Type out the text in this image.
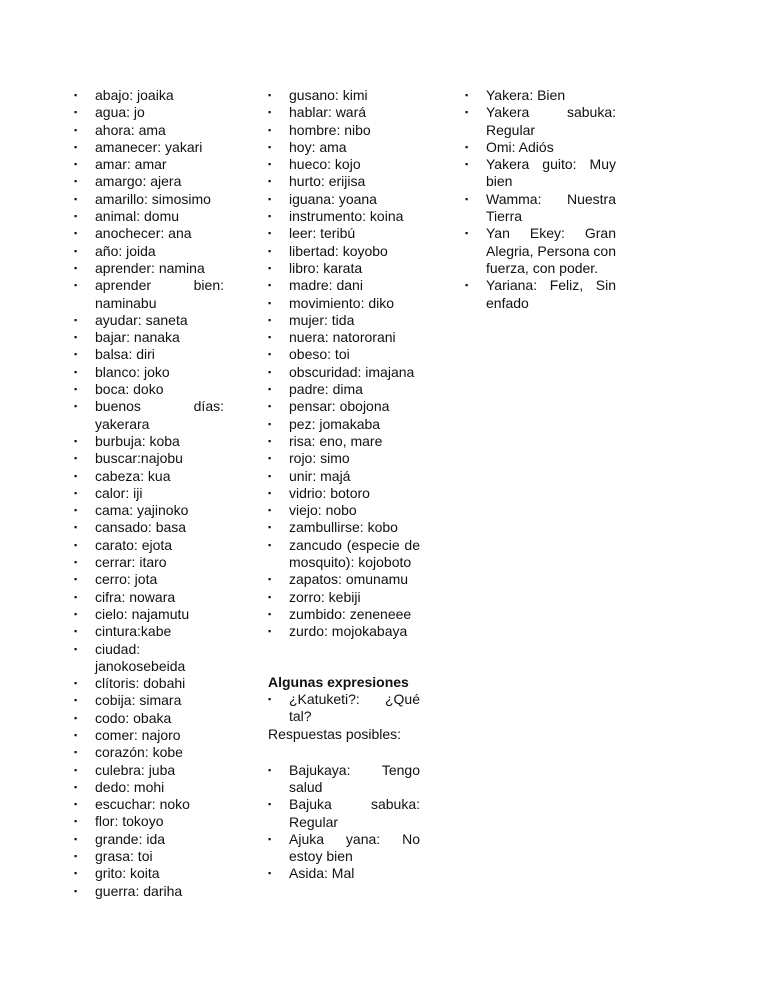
▪ abajo: joaika
▪ agua: jo
▪ ahora: ama
▪ amanecer: yakari
▪ amar: amar
▪ amargo: ajera
▪ amarillo: simosimo
▪ animal: domu
▪ anochecer: ana
▪ año: joida
▪ aprender: namina
▪ aprender bien: naminabu
▪ ayudar: saneta
▪ bajar: nanaka
▪ balsa: diri
▪ blanco: joko
▪ boca: doko
▪ buenos días: yakerara
▪ burbuja: koba
▪ buscar:najobu
▪ cabeza: kua
▪ calor: iji
▪ cama: yajinoko
▪ cansado: basa
▪ carato: ejota
▪ cerrar: itaro
▪ cerro: jota
▪ cifra: nowara
▪ cielo: najamutu
▪ cintura:kabe
▪ ciudad: janokosebeida
▪ clítoris: dobahi
▪ cobija: simara
▪ codo: obaka
▪ comer: najoro
▪ corazón: kobe
▪ culebra: juba
▪ dedo: mohi
▪ escuchar: noko
▪ flor: tokoyo
▪ grande: ida
▪ grasa: toi
▪ grito: koita
▪ guerra: dariha
▪ gusano: kimi
▪ hablar: wará
▪ hombre: nibo
▪ hoy: ama
▪ hueco: kojo
▪ hurto: erijisa
▪ iguana: yoana
▪ instrumento: koina
▪ leer: teribú
▪ libertad: koyobo
▪ libro: karata
▪ madre: dani
▪ movimiento: diko
▪ mujer: tida
▪ nuera: natororani
▪ obeso: toi
▪ obscuridad: imajana
▪ padre: dima
▪ pensar: obojona
▪ pez: jomakaba
▪ risa: eno, mare
▪ rojo: simo
▪ unir: majá
▪ vidrio: botoro
▪ viejo: nobo
▪ zambullirse: kobo
▪ zancudo (especie de mosquito): kojoboto
▪ zapatos: omunamu
▪ zorro: kebiji
▪ zumbido: zeneneee
▪ zurdo: mojokabaya
Algunas expresiones
▪ ¿Katuketi?: ¿Qué tal?
Respuestas posibles:
▪ Bajukaya: Tengo salud
▪ Bajuka sabuka: Regular
▪ Ajuka yana: No estoy bien
▪ Asida: Mal
▪ Yakera: Bien
▪ Yakera sabuka: Regular
▪ Omi: Adiós
▪ Yakera guito: Muy bien
▪ Wamma: Nuestra Tierra
▪ Yan Ekey: Gran Alegria, Persona con fuerza, con poder.
▪ Yariana: Feliz, Sin enfado
